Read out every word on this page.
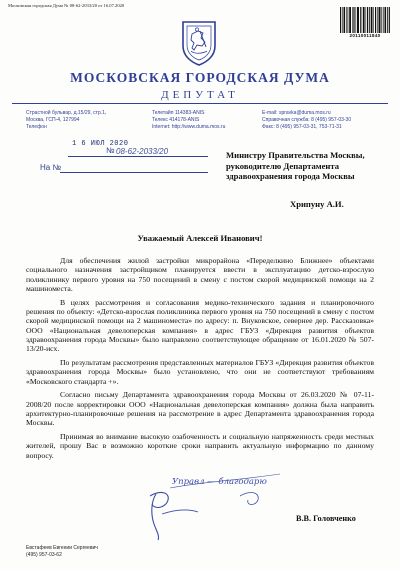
Московская городская Дума № 08-62-2033/20 от 16.07.2020
20110011840
МОСКОВСКАЯ ГОРОДСКАЯ ДУМА
ДЕПУТАТ
Страстной бульвар, д.15/29, стр.1,
Москва, ГСП-4, 127994
Телефон
Телетайп 114383-ANIS
Телекс 414178-ANIS
Internet: http://www.duma.mos.ru
E-mail: spravka@duma.mos.ru
Справочная служба: 8 (495) 957-03-30
Факс: 8 (495) 957-03-31, 753-71-31
1 6 ИЮЛ 2020
№ 08-62-2033/20
На №
Министру Правительства Москвы,
руководителю Департамента
здравоохранения города Москвы
Хрипуну А.И.
Уважаемый Алексей Иванович!

Для обеспечения жилой застройки микрорайона «Переделкино Ближнее» объектами социального назначения застройщиком планируется ввести в эксплуатацию детско-взрослую поликлинику первого уровня на 750 посещений в смену с постом скорой медицинской помощи на 2 машиноместа.

В целях рассмотрения и согласования медико-технического задания и планировочного решения по объекту: «Детско-взрослая поликлиника первого уровня на 750 посещений в смену с постом скорой медицинской помощи на 2 машиноместа» по адресу: п. Внуковское, севернее дер. Рассказовка» ООО «Национальная девелоперская компания» в адрес ГБУЗ «Дирекция развития объектов здравоохранения города Москвы» было направлено соответствующее обращение от 16.01.2020 № 507-13/20-исх.

По результатам рассмотрения представленных материалов ГБУЗ «Дирекция развития объектов здравоохранения города Москвы» было установлено, что они не соответствуют требованиям «Московского стандарта +».

Согласно письму Департамента здравоохранения города Москвы от 26.03.2020 № 07-11-2008/20 после корректировки ООО «Национальная девелоперская компания» должна была направить архитектурно-планировочные решения на рассмотрение в адрес Департамента здравоохранения города Москвы.

Принимая во внимание высокую озабоченность и социальную напряженность среди местных жителей, прошу Вас в возможно короткие сроки направить актуальную информацию по данному вопросу.

Управл — благодарю
В.В. Головченко
Евстафеев Евгении Сергеевич
(495) 957-03-62
